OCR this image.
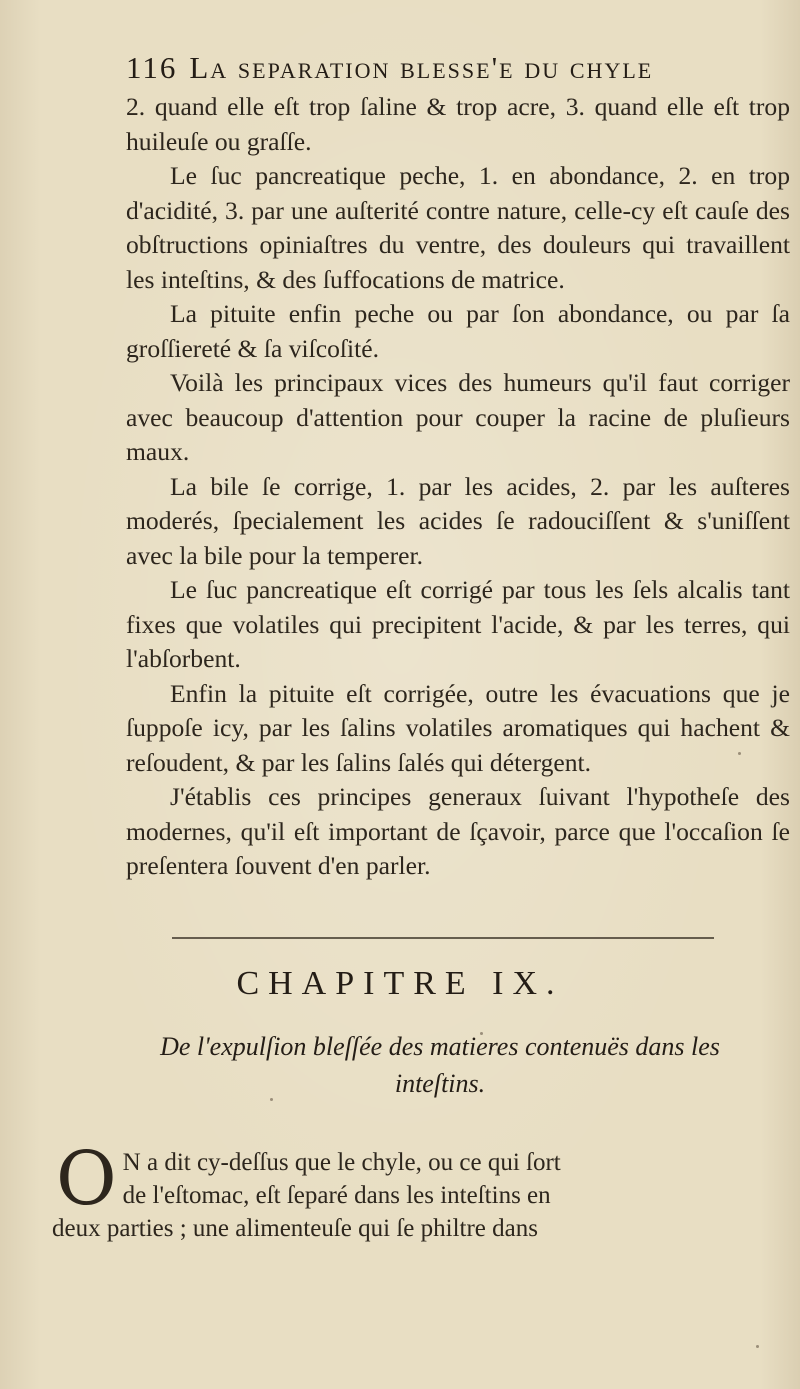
116 La separation blesse'e du chyle

2. quand elle eſt trop ſaline & trop acre, 3. quand elle eſt trop huileuſe ou graſſe.

Le ſuc pancreatique peche, 1. en abondance, 2. en trop d'acidité, 3. par une auſterité contre nature, celle-cy eſt cauſe des obſtructions opiniaſtres du ventre, des douleurs qui travaillent les inteſtins, & des ſuffocations de matrice.

La pituite enfin peche ou par ſon abondance, ou par ſa groſſiereté & ſa viſcoſité.

Voilà les principaux vices des humeurs qu'il faut corriger avec beaucoup d'attention pour couper la racine de pluſieurs maux.

La bile ſe corrige, 1. par les acides, 2. par les auſteres moderés, ſpecialement les acides ſe radouciſſent & s'uniſſent avec la bile pour la temperer.

Le ſuc pancreatique eſt corrigé par tous les ſels alcalis tant fixes que volatiles qui precipitent l'acide, & par les terres, qui l'abſorbent.

Enfin la pituite eſt corrigée, outre les évacuations que je ſuppoſe icy, par les ſalins volatiles aromatiques qui hachent & reſoudent, & par les ſalins ſalés qui détergent.

J'établis ces principes generaux ſuivant l'hypotheſe des modernes, qu'il eſt important de ſçavoir, parce que l'occaſion ſe preſentera ſouvent d'en parler.

CHAPITRE IX.
De l'expulſion bleſſée des matieres contenuës dans les inteſtins.
O N a dit cy-deſſus que le chyle, ou ce qui ſort
de l'eſtomac, eſt ſeparé dans les inteſtins en
deux parties ; une alimenteuſe qui ſe philtre dans
